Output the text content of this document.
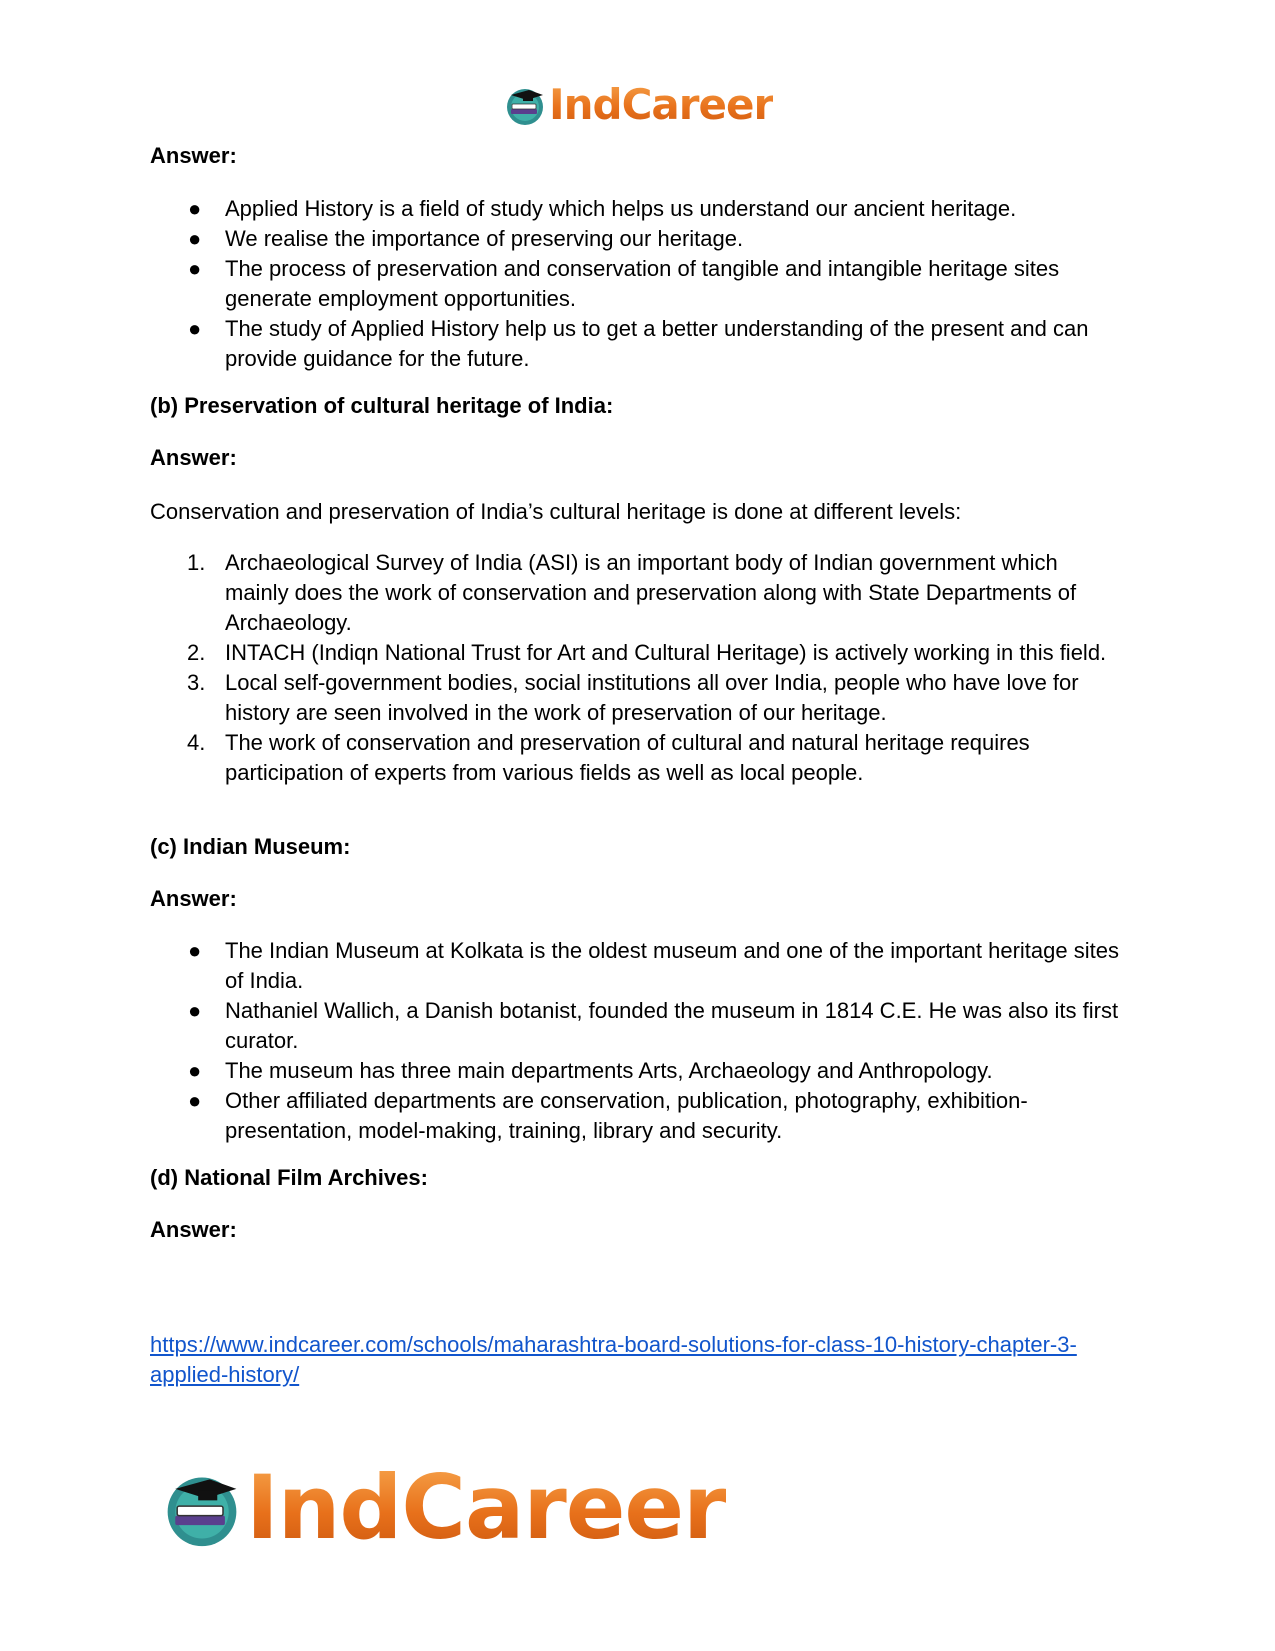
IndCareer

Answer:

● Applied History is a field of study which helps us understand our ancient heritage.
● We realise the importance of preserving our heritage.
● The process of preservation and conservation of tangible and intangible heritage sites generate employment opportunities.
● The study of Applied History help us to get a better understanding of the present and can provide guidance for the future.

(b) Preservation of cultural heritage of India:

Answer:

Conservation and preservation of India’s cultural heritage is done at different levels:

1. Archaeological Survey of India (ASI) is an important body of Indian government which mainly does the work of conservation and preservation along with State Departments of Archaeology.
2. INTACH (Indiqn National Trust for Art and Cultural Heritage) is actively working in this field.
3. Local self-government bodies, social institutions all over India, people who have love for history are seen involved in the work of preservation of our heritage.
4. The work of conservation and preservation of cultural and natural heritage requires participation of experts from various fields as well as local people.

(c) Indian Museum:

Answer:

● The Indian Museum at Kolkata is the oldest museum and one of the important heritage sites of India.
● Nathaniel Wallich, a Danish botanist, founded the museum in 1814 C.E. He was also its first curator.
● The museum has three main departments Arts, Archaeology and Anthropology.
● Other affiliated departments are conservation, publication, photography, exhibition-presentation, model-making, training, library and security.

(d) National Film Archives:

Answer:

https://www.indcareer.com/schools/maharashtra-board-solutions-for-class-10-history-chapter-3-applied-history/
IndCareer
